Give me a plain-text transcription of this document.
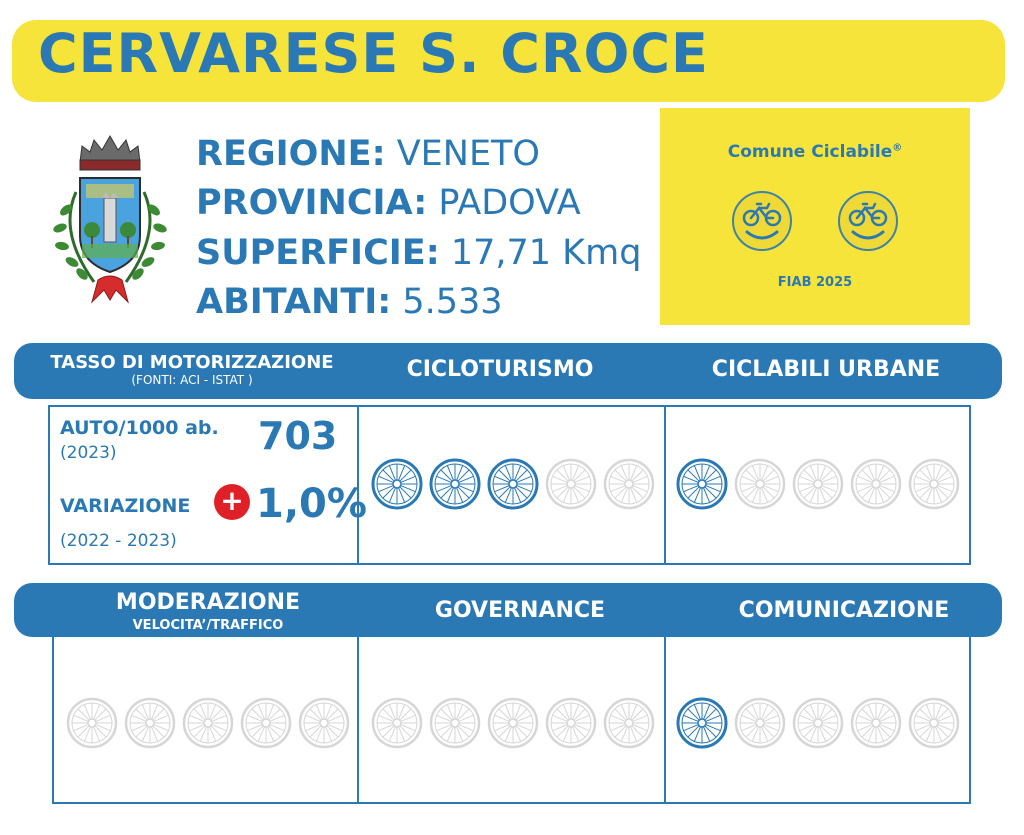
CERVARESE S. CROCE
REGIONE: VENETO
PROVINCIA: PADOVA
SUPERFICIE: 17,71 Kmq
ABITANTI: 5.533
Comune Ciclabile®
FIAB 2025
TASSO DI MOTORIZZAZIONE
(FONTI: ACI - ISTAT )	CICLOTURISMO	CICLABILI URBANE
AUTO/1000 ab.
(2023)	703
VARIAZIONE + 1,0%
(2022 - 2023)
MODERAZIONE
VELOCITA’/TRAFFICO
GOVERNANCE	COMUNICAZIONE
